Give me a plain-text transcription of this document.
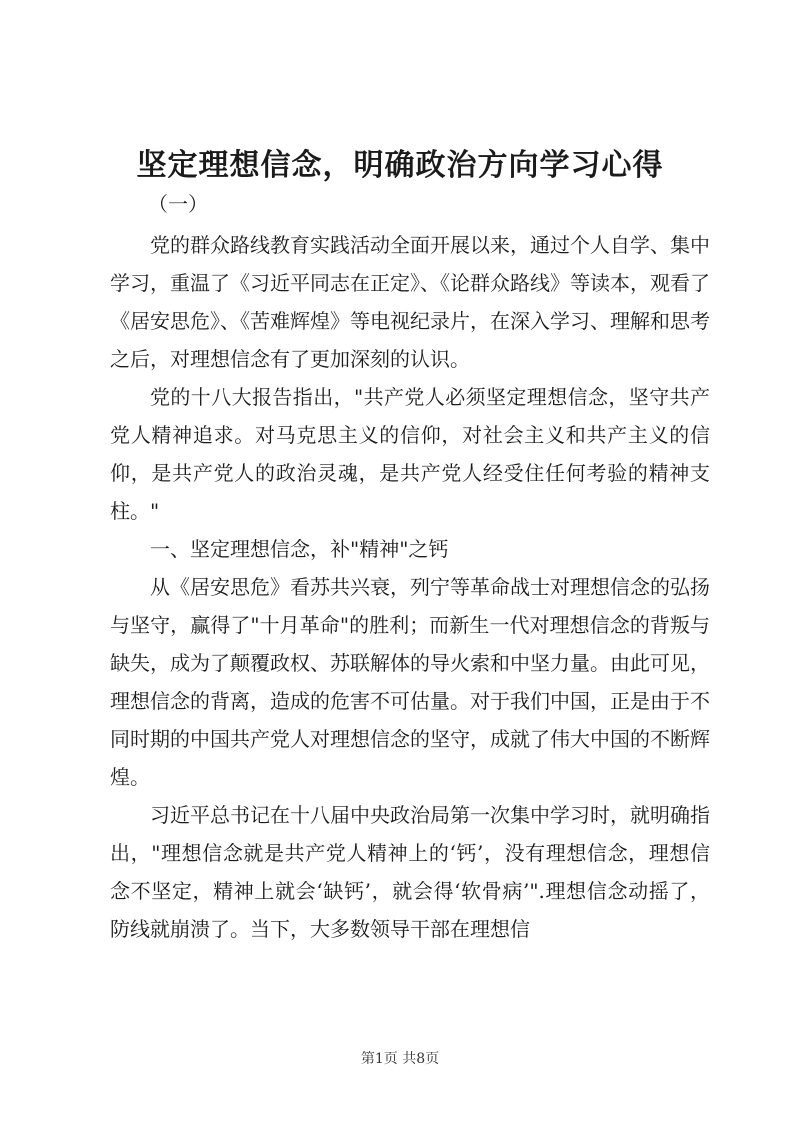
坚定理想信念，明确政治方向学习心得

（一）

党的群众路线教育实践活动全面开展以来，通过个人自学、集中学习，重温了《习近平同志在正定》、《论群众路线》等读本，观看了《居安思危》、《苦难辉煌》等电视纪录片，在深入学习、理解和思考之后，对理想信念有了更加深刻的认识。

党的十八大报告指出，"共产党人必须坚定理想信念，坚守共产党人精神追求。对马克思主义的信仰，对社会主义和共产主义的信仰，是共产党人的政治灵魂，是共产党人经受住任何考验的精神支柱。"

一、坚定理想信念，补"精神"之钙

从《居安思危》看苏共兴衰，列宁等革命战士对理想信念的弘扬与坚守，赢得了"十月革命"的胜利；而新生一代对理想信念的背叛与缺失，成为了颠覆政权、苏联解体的导火索和中坚力量。由此可见，理想信念的背离，造成的危害不可估量。对于我们中国，正是由于不同时期的中国共产党人对理想信念的坚守，成就了伟大中国的不断辉煌。

习近平总书记在十八届中央政治局第一次集中学习时，就明确指出，"理想信念就是共产党人精神上的‘钙’，没有理想信念，理想信念不坚定，精神上就会‘缺钙’，就会得‘软骨病’".理想信念动摇了，防线就崩溃了。当下，大多数领导干部在理想信

第1页 共8页
